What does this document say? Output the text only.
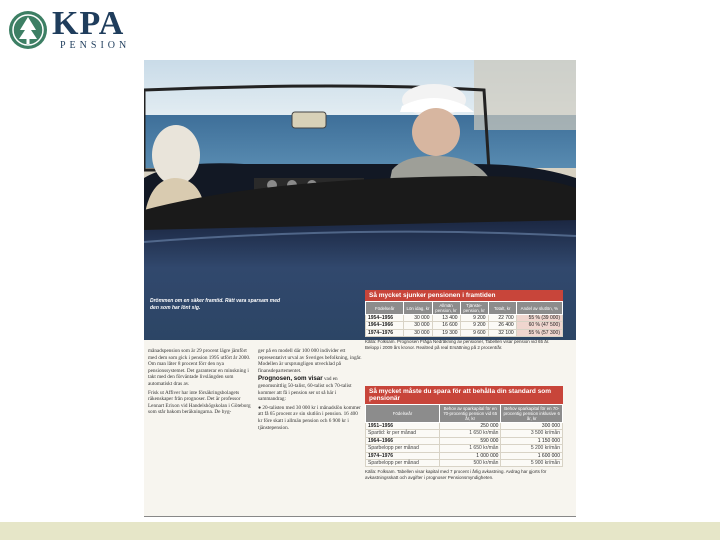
KPA
PENSION
Drömmen om en säker framtid. Rätt vara sparsam med den som har lönt sig.

månadspension som är 29 procent lägre jämfört med dem som gick i pension 1995 utfört år 2000. Om man låter 8 procent förr den nya pensionssystemet. Det garanterar en minskning i takt med den förväntade livslängden som automatiskt dras av.

Frisk ut Affiver har inte försäkringsbolagets räkenskaper från prognoser. Det är professor Lennart Erixon vid Handelshögskolan i Göteborg som står bakom beräkningarna. De byg-

ger på en modell där 100 000 individer ett representativt urval av Sveriges befolkning, ingår. Modellen är ursprungligen utvecklad på finansdepartementet.

Prognosen, som visar vad en genomsnittlig 50-talist, 60-talist och 70-talist kommer att få i pension ser ut så här i sammandrag:

● 20-talisten med 30 000 kr i månadslön kommer att få 65 procent av sin slutlön i pension. 16 400 kr före skatt i allmän pension och 6 900 kr i tjänstepension.

Så mycket sjunker pensionen i framtiden
Födelseår	Lön idag, kr	Allmän pension, kr	Tjänste-pension, kr	Totalt, kr	Andel av slutlön, %
1954–1956	30 000	13 400	9 200	22 700	55 % (39 000)
1964–1966	30 000	16 600	9 200	26 400	60 % (47 500)
1974–1976	30 000	19 300	9 600	32 100	55 % (57 300)
Källa: Folksam. Prognosen Fråga Nedräkning av pensioner, Tabellen visar pension vid 65 år. Belopp i 2009 års kronor. Realtred på real Ersättning på 2 procent/år.
Så mycket måste du spara för att behålla din standard som pensionär
Födelseår	Behov av sparkapital för en 70-procentig pension vid 65 år, kr	Behov sparkapital för en 70-procentig pension inklusive 6 år, kr
1951–1956	250 000	300 000
Spartid: kr per månad	1 650 kr/mån	3 500 kr/mån
1964–1966	590 000	1 150 000
Sparbelopp per månad	1 650 kr/mån	5 200 kr/mån
1974–1976	1 000 000	1 600 000
Sparbelopp per månad	500 kr/mån	5 900 kr/mån
Källa: Folksam. Tabellen visar kapital med 7 procent i årlig avkastning. Avdrag har gjorts för avkastningsskatt och avgifter i prognoser Pensionsmyndigheten.
